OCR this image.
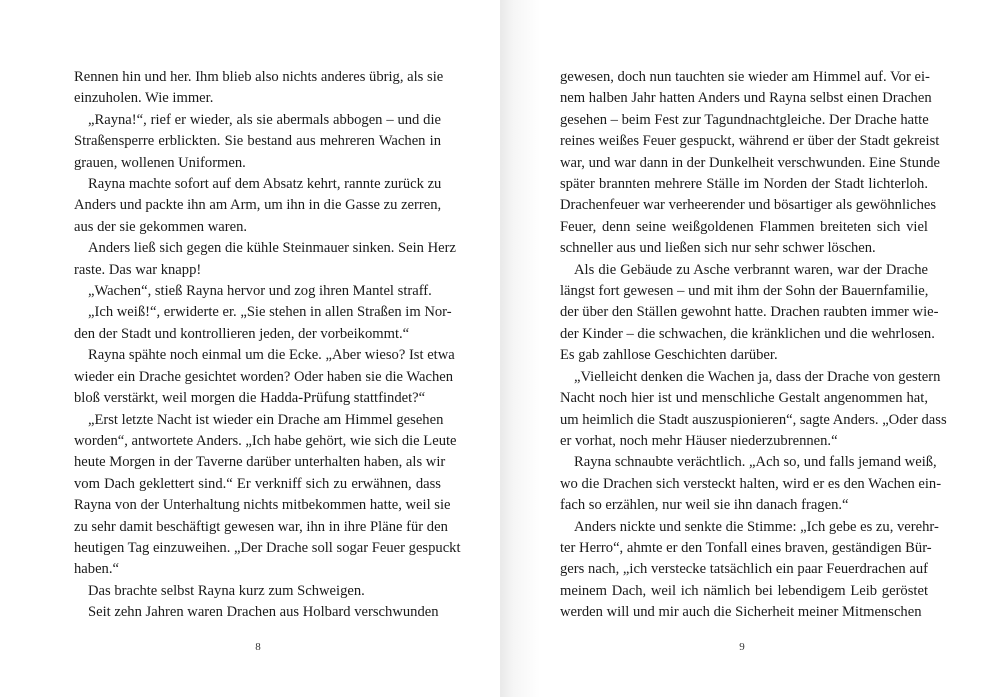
Rennen hin und her. Ihm blieb also nichts anderes übrig, als sie
einzuholen. Wie immer.

„Rayna!“, rief er wieder, als sie abermals abbogen – und die
Straßensperre erblickten. Sie bestand aus mehreren Wachen in
grauen, wollenen Uniformen.

Rayna machte sofort auf dem Absatz kehrt, rannte zurück zu
Anders und packte ihn am Arm, um ihn in die Gasse zu zerren,
aus der sie gekommen waren.

Anders ließ sich gegen die kühle Steinmauer sinken. Sein Herz
raste. Das war knapp!

„Wachen“, stieß Rayna hervor und zog ihren Mantel straff.

„Ich weiß!“, erwiderte er. „Sie stehen in allen Straßen im Nor-
den der Stadt und kontrollieren jeden, der vorbeikommt.“

Rayna spähte noch einmal um die Ecke. „Aber wieso? Ist etwa
wieder ein Drache gesichtet worden? Oder haben sie die Wachen
bloß verstärkt, weil morgen die Hadda-Prüfung stattfindet?“

„Erst letzte Nacht ist wieder ein Drache am Himmel gesehen
worden“, antwortete Anders. „Ich habe gehört, wie sich die Leute
heute Morgen in der Taverne darüber unterhalten haben, als wir
vom Dach geklettert sind.“ Er verkniff sich zu erwähnen, dass
Rayna von der Unterhaltung nichts mitbekommen hatte, weil sie
zu sehr damit beschäftigt gewesen war, ihn in ihre Pläne für den
heutigen Tag einzuweihen. „Der Drache soll sogar Feuer gespuckt
haben.“

Das brachte selbst Rayna kurz zum Schweigen.

Seit zehn Jahren waren Drachen aus Holbard verschwunden

8

gewesen, doch nun tauchten sie wieder am Himmel auf. Vor ei-
nem halben Jahr hatten Anders und Rayna selbst einen Drachen
gesehen – beim Fest zur Tagundnachtgleiche. Der Drache hatte
reines weißes Feuer gespuckt, während er über der Stadt gekreist
war, und war dann in der Dunkelheit verschwunden. Eine Stunde
später brannten mehrere Ställe im Norden der Stadt lichterloh.
Drachenfeuer war verheerender und bösartiger als gewöhnliches
Feuer, denn seine weißgoldenen Flammen breiteten sich viel
schneller aus und ließen sich nur sehr schwer löschen.

Als die Gebäude zu Asche verbrannt waren, war der Drache
längst fort gewesen – und mit ihm der Sohn der Bauernfamilie,
der über den Ställen gewohnt hatte. Drachen raubten immer wie-
der Kinder – die schwachen, die kränklichen und die wehrlosen.
Es gab zahllose Geschichten darüber.

„Vielleicht denken die Wachen ja, dass der Drache von gestern
Nacht noch hier ist und menschliche Gestalt angenommen hat,
um heimlich die Stadt auszuspionieren“, sagte Anders. „Oder dass
er vorhat, noch mehr Häuser niederzubrennen.“

Rayna schnaubte verächtlich. „Ach so, und falls jemand weiß,
wo die Drachen sich versteckt halten, wird er es den Wachen ein-
fach so erzählen, nur weil sie ihn danach fragen.“

Anders nickte und senkte die Stimme: „Ich gebe es zu, verehr-
ter Herro“, ahmte er den Tonfall eines braven, geständigen Bür-
gers nach, „ich verstecke tatsächlich ein paar Feuerdrachen auf
meinem Dach, weil ich nämlich bei lebendigem Leib geröstet
werden will und mir auch die Sicherheit meiner Mitmenschen

9
